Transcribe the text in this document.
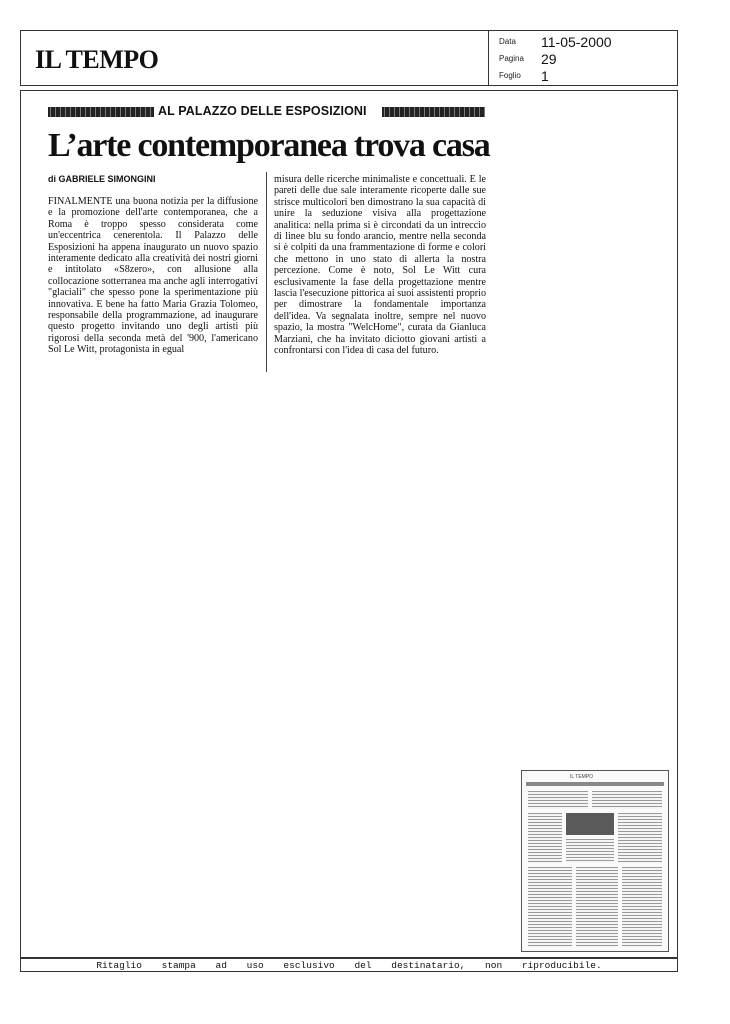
IL TEMPO
Data 11-05-2000
Pagina 29
Foglio 1
AL PALAZZO DELLE ESPOSIZIONI
L’arte contemporanea trova casa
di GABRIELE SIMONGINI
FINALMENTE una buona notizia per la diffusione e la promozione dell'arte contemporanea, che a Roma è troppo spesso considerata come un'eccentrica cenerentola. Il Palazzo delle Esposizioni ha appena inaugurato un nuovo spazio interamente dedicato alla creatività dei nostri giorni e intitolato «S8zero», con allusione alla collocazione sotterranea ma anche agli interrogativi "glaciali" che spesso pone la sperimentazione più innovativa. E bene ha fatto Maria Grazia Tolomeo, responsabile della programmazione, ad inaugurare questo progetto invitando uno degli artisti più rigorosi della seconda metà del '900, l'americano Sol Le Witt, protagonista in egual
misura delle ricerche minimaliste e concettuali. E le pareti delle due sale interamente ricoperte dalle sue strisce multicolori ben dimostrano la sua capacità di unire la seduzione visiva alla progettazione analitica: nella prima si è circondati da un intreccio di linee blu su fondo arancio, mentre nella seconda si è colpiti da una frammentazione di forme e colori che mettono in uno stato di allerta la nostra percezione. Come è noto, Sol Le Witt cura esclusivamente la fase della progettazione mentre lascia l'esecuzione pittorica ai suoi assistenti proprio per dimostrare la fondamentale importanza dell'idea. Va segnalata inoltre, sempre nel nuovo spazio, la mostra "WelcHome", curata da Gianluca Marziani, che ha invitato diciotto giovani artisti a confrontarsi con l'idea di casa del futuro.
IL TEMPO
Ritaglio stampa ad uso esclusivo del destinatario, non riproducibile.
